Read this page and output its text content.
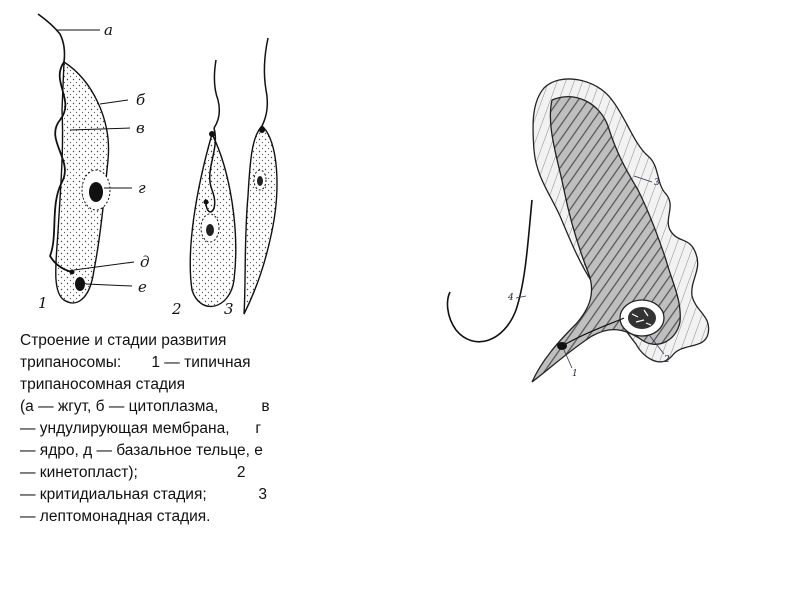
а
б
в
г
д
е
1	2	3
3
4
2
1
Строение и стадии развития
трипаносомы:       1 — типичная
трипаносомная стадия
(а — жгут, б — цитоплазма,          в
— ундулирующая мембрана,      г
— ядро, д — базальное тельце, е
— кинетопласт);                       2
— критидиальная стадия;            3
— лептомонадная стадия.
